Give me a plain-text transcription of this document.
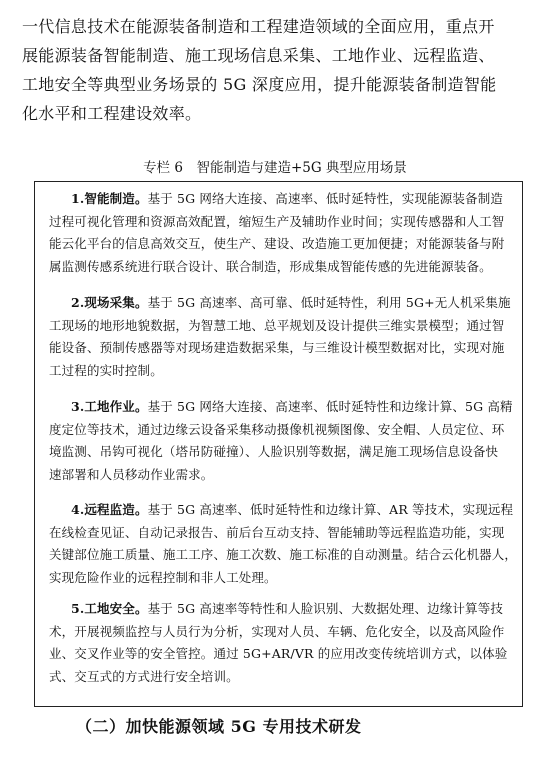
一代信息技术在能源装备制造和工程建造领域的全面应用，重点开
展能源装备智能制造、施工现场信息采集、工地作业、远程监造、
工地安全等典型业务场景的 5G 深度应用，提升能源装备制造智能
化水平和工程建设效率。
专栏 6　智能制造与建造+5G 典型应用场景
1.智能制造。基于 5G 网络大连接、高速率、低时延特性，实现能源装备制造
过程可视化管理和资源高效配置，缩短生产及辅助作业时间；实现传感器和人工智
能云化平台的信息高效交互，使生产、建设、改造施工更加便捷；对能源装备与附
属监测传感系统进行联合设计、联合制造，形成集成智能传感的先进能源装备。
2.现场采集。基于 5G 高速率、高可靠、低时延特性，利用 5G+无人机采集施
工现场的地形地貌数据，为智慧工地、总平规划及设计提供三维实景模型；通过智
能设备、预制传感器等对现场建造数据采集，与三维设计模型数据对比，实现对施
工过程的实时控制。
3.工地作业。基于 5G 网络大连接、高速率、低时延特性和边缘计算、5G 高精
度定位等技术，通过边缘云设备采集移动摄像机视频图像、安全帽、人员定位、环
境监测、吊钩可视化（塔吊防碰撞）、人脸识别等数据，满足施工现场信息设备快
速部署和人员移动作业需求。
4.远程监造。基于 5G 高速率、低时延特性和边缘计算、AR 等技术，实现远程
在线检查见证、自动记录报告、前后台互动支持、智能辅助等远程监造功能，实现
关键部位施工质量、施工工序、施工次数、施工标准的自动测量。结合云化机器人，
实现危险作业的远程控制和非人工处理。
5.工地安全。基于 5G 高速率等特性和人脸识别、大数据处理、边缘计算等技
术，开展视频监控与人员行为分析，实现对人员、车辆、危化安全，以及高风险作
业、交叉作业等的安全管控。通过 5G+AR/VR 的应用改变传统培训方式，以体验
式、交互式的方式进行安全培训。
（二）加快能源领域 5G 专用技术研发
